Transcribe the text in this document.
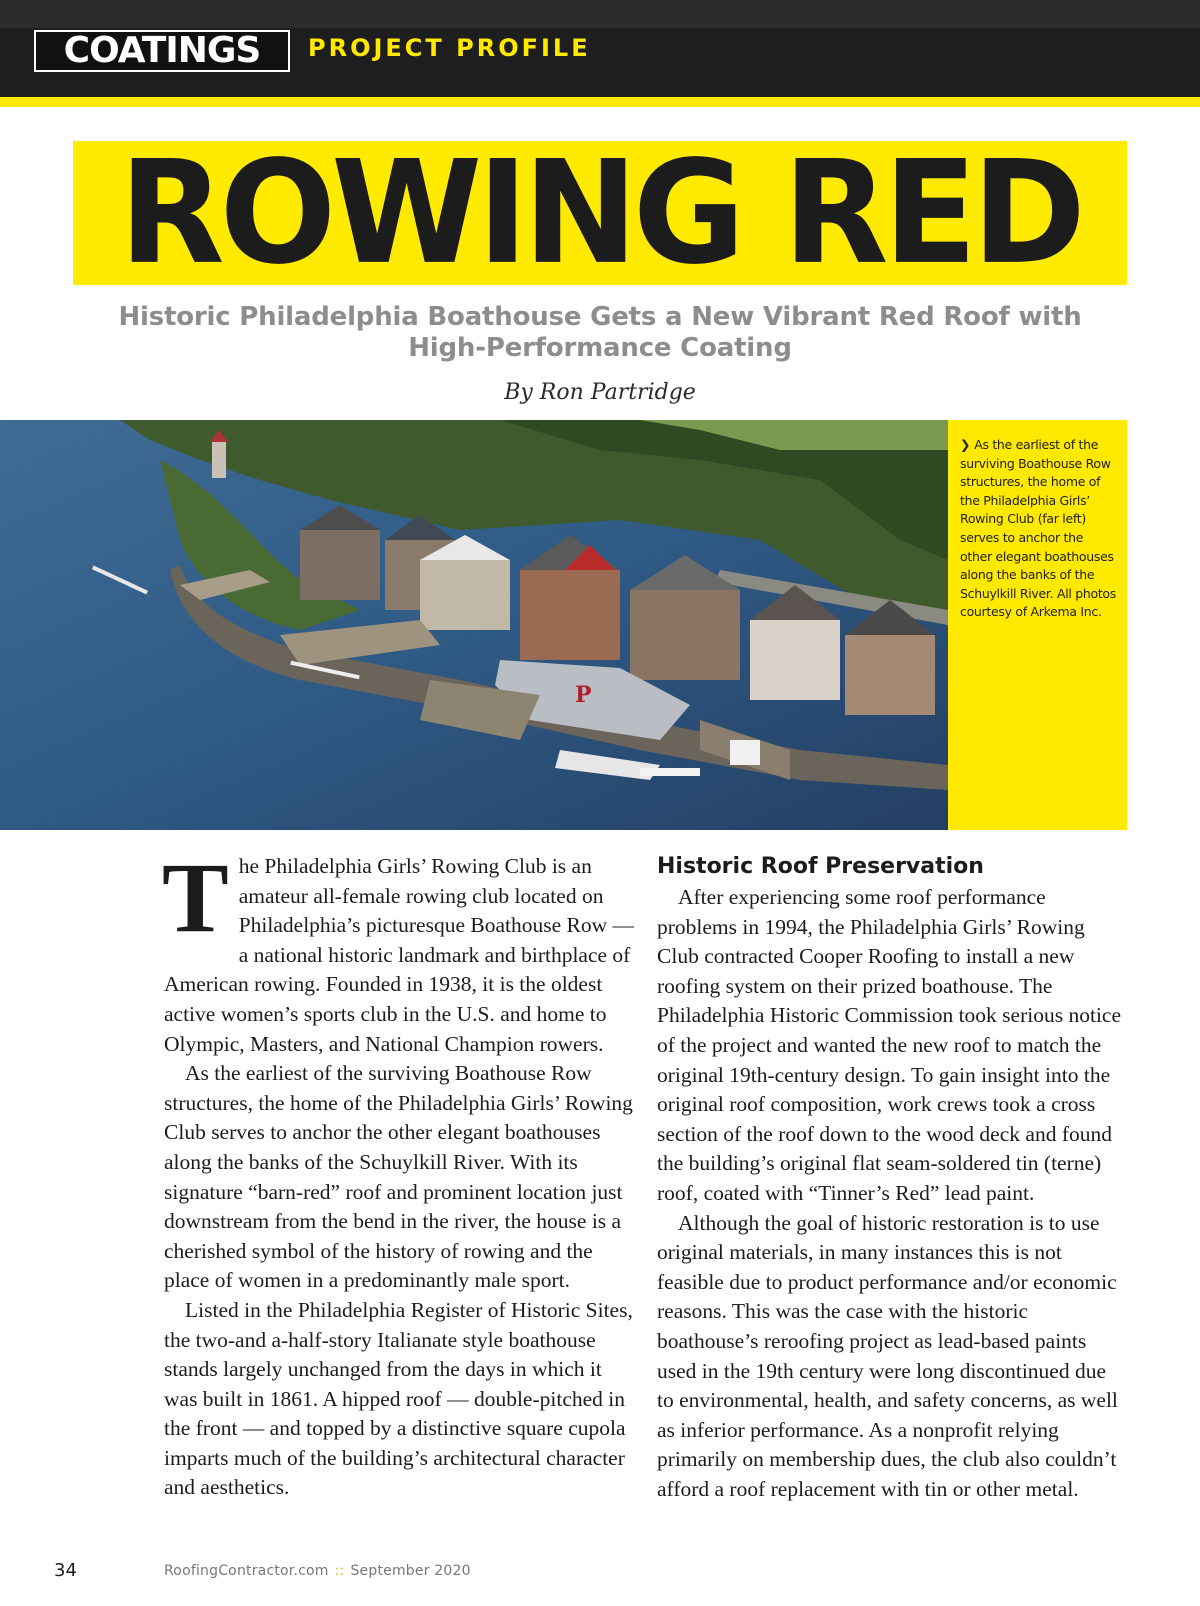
COATINGS	PROJECT PROFILE
ROWING RED
Historic Philadelphia Boathouse Gets a New Vibrant Red Roof with
High-Performance Coating
By Ron Partridge
P
❯ As the earliest of the surviving Boathouse Row structures, the home of the Philadelphia Girls’ Rowing Club (far left) serves to anchor the other elegant boathouses along the banks of the Schuylkill River. All photos courtesy of Arkema Inc.

The Philadelphia Girls’ Rowing Club is an amateur all-female rowing club located on Philadelphia’s picturesque Boathouse Row — a national historic landmark and birthplace of American rowing. Founded in 1938, it is the oldest active women’s sports club in the U.S. and home to Olympic, Masters, and National Champion rowers.

As the earliest of the surviving Boathouse Row structures, the home of the Philadelphia Girls’ Rowing Club serves to anchor the other elegant boathouses along the banks of the Schuylkill River. With its signature “barn-red” roof and prominent location just downstream from the bend in the river, the house is a cherished symbol of the history of rowing and the place of women in a predominantly male sport.

Listed in the Philadelphia Register of Historic Sites, the two-and a-half-story Italianate style boathouse stands largely unchanged from the days in which it was built in 1861. A hipped roof — double-pitched in the front — and topped by a distinctive square cupola imparts much of the building’s architectural character and aesthetics.

Historic Roof Preservation

After experiencing some roof performance problems in 1994, the Philadelphia Girls’ Rowing Club contracted Cooper Roofing to install a new roofing system on their prized boathouse. The Philadelphia Historic Commission took serious notice of the project and wanted the new roof to match the original 19th-century design. To gain insight into the original roof composition, work crews took a cross section of the roof down to the wood deck and found the building’s original flat seam-soldered tin (terne) roof, coated with “Tinner’s Red” lead paint.

Although the goal of historic restoration is to use original materials, in many instances this is not feasible due to product performance and/or economic reasons. This was the case with the historic boathouse’s reroofing project as lead-based paints used in the 19th century were long discontinued due to environmental, health, and safety concerns, as well as inferior performance. As a nonprofit relying primarily on membership dues, the club also couldn’t afford a roof replacement with tin or other metal.

34	RoofingContractor.com :: September 2020
